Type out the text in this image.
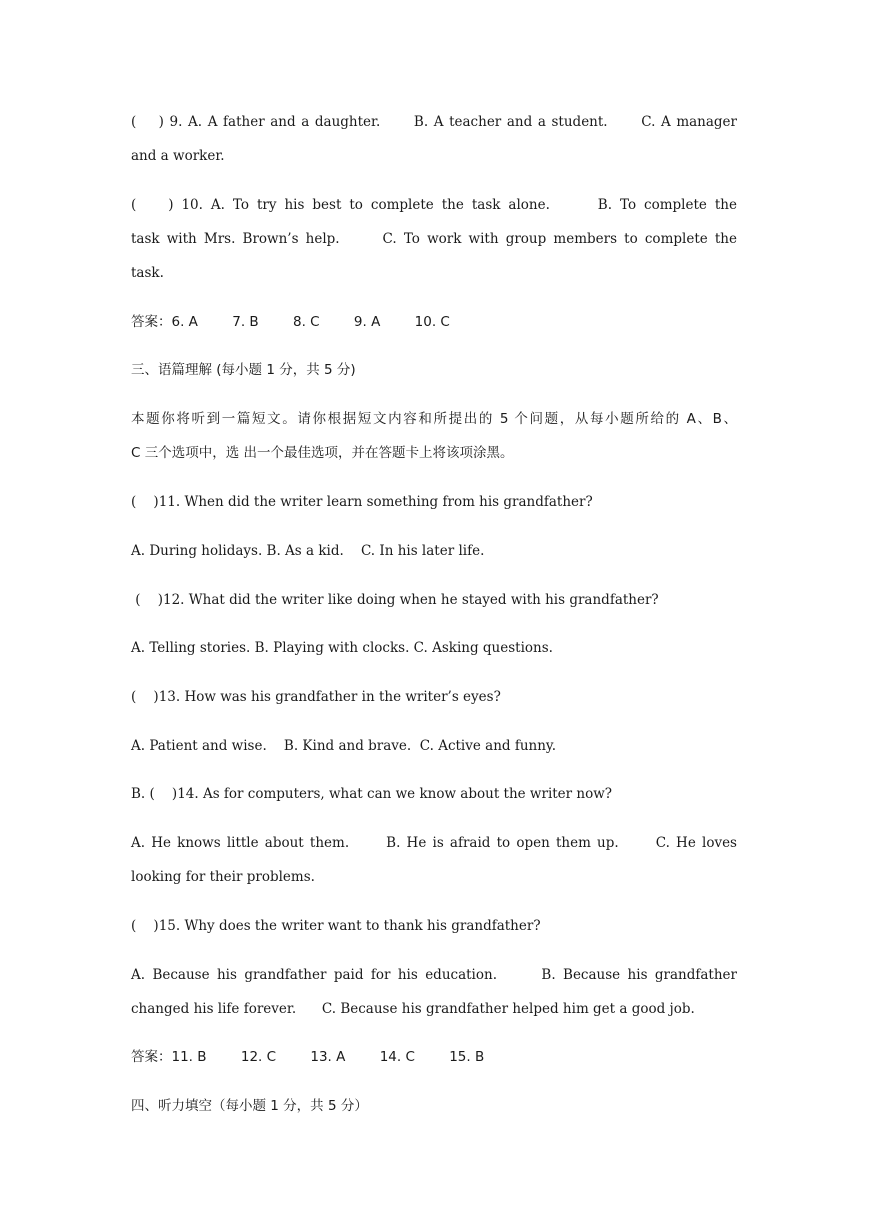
(    ) 9. A. A father and a daughter.      B. A teacher and a student.      C. A manager
and a worker.
(    ) 10. A. To try his best to complete the task alone.      B. To complete the
task with Mrs. Brown’s help.      C. To work with group members to complete the
task.
答案：6. A        7. B        8. C        9. A        10. C
三、语篇理解 (每小题 1 分，共 5 分)
本题你将听到一篇短文。请你根据短文内容和所提出的 5 个问题，从每小题所给的 A、B、
C 三个选项中，选 出一个最佳选项，并在答题卡上将该项涂黑。
(    )11. When did the writer learn something from his grandfather?
A. During holidays. B. As a kid.    C. In his later life.
(    )12. What did the writer like doing when he stayed with his grandfather?
A. Telling stories. B. Playing with clocks. C. Asking questions.
(    )13. How was his grandfather in the writer’s eyes?
A. Patient and wise.    B. Kind and brave.  C. Active and funny.
B. (    )14. As for computers, what can we know about the writer now?
A. He knows little about them.      B. He is afraid to open them up.      C. He loves
looking for their problems.
(    )15. Why does the writer want to thank his grandfather?
A. Because his grandfather paid for his education.      B. Because his grandfather
changed his life forever.      C. Because his grandfather helped him get a good job.
答案：11. B        12. C        13. A        14. C        15. B
四、听力填空（每小题 1 分，共 5 分）
